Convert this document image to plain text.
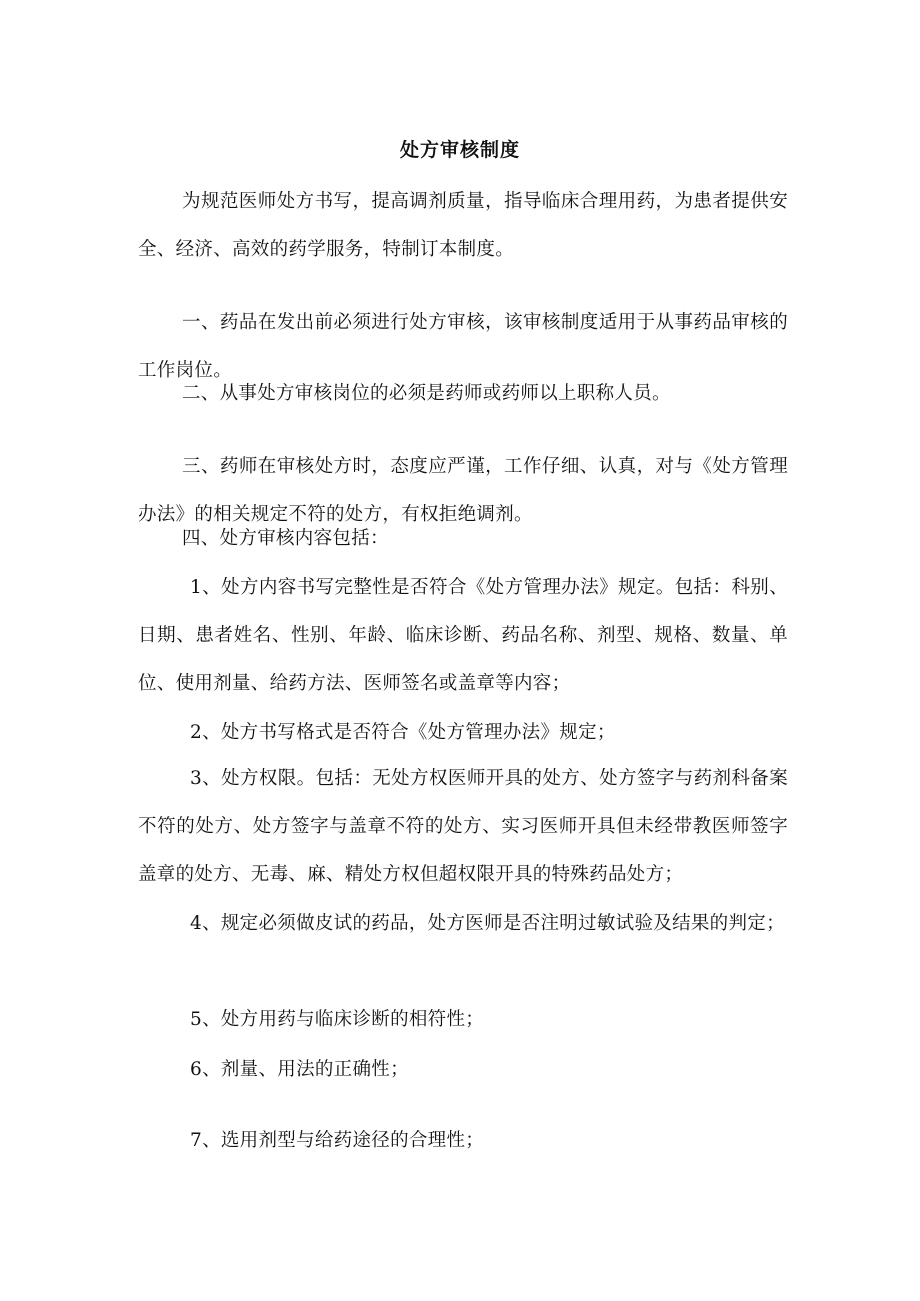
处方审核制度

为规范医师处方书写，提高调剂质量，指导临床合理用药，为患者提供安全、经济、高效的药学服务，特制订本制度。

一、药品在发出前必须进行处方审核，该审核制度适用于从事药品审核的工作岗位。

二、从事处方审核岗位的必须是药师或药师以上职称人员。

三、药师在审核处方时，态度应严谨，工作仔细、认真，对与《处方管理办法》的相关规定不符的处方，有权拒绝调剂。

四、处方审核内容包括：

1、处方内容书写完整性是否符合《处方管理办法》规定。包括：科别、日期、患者姓名、性别、年龄、临床诊断、药品名称、剂型、规格、数量、单位、使用剂量、给药方法、医师签名或盖章等内容；

2、处方书写格式是否符合《处方管理办法》规定；

3、处方权限。包括：无处方权医师开具的处方、处方签字与药剂科备案不符的处方、处方签字与盖章不符的处方、实习医师开具但未经带教医师签字盖章的处方、无毒、麻、精处方权但超权限开具的特殊药品处方；

4、规定必须做皮试的药品，处方医师是否注明过敏试验及结果的判定；

5、处方用药与临床诊断的相符性；

6、剂量、用法的正确性；

7、选用剂型与给药途径的合理性；
